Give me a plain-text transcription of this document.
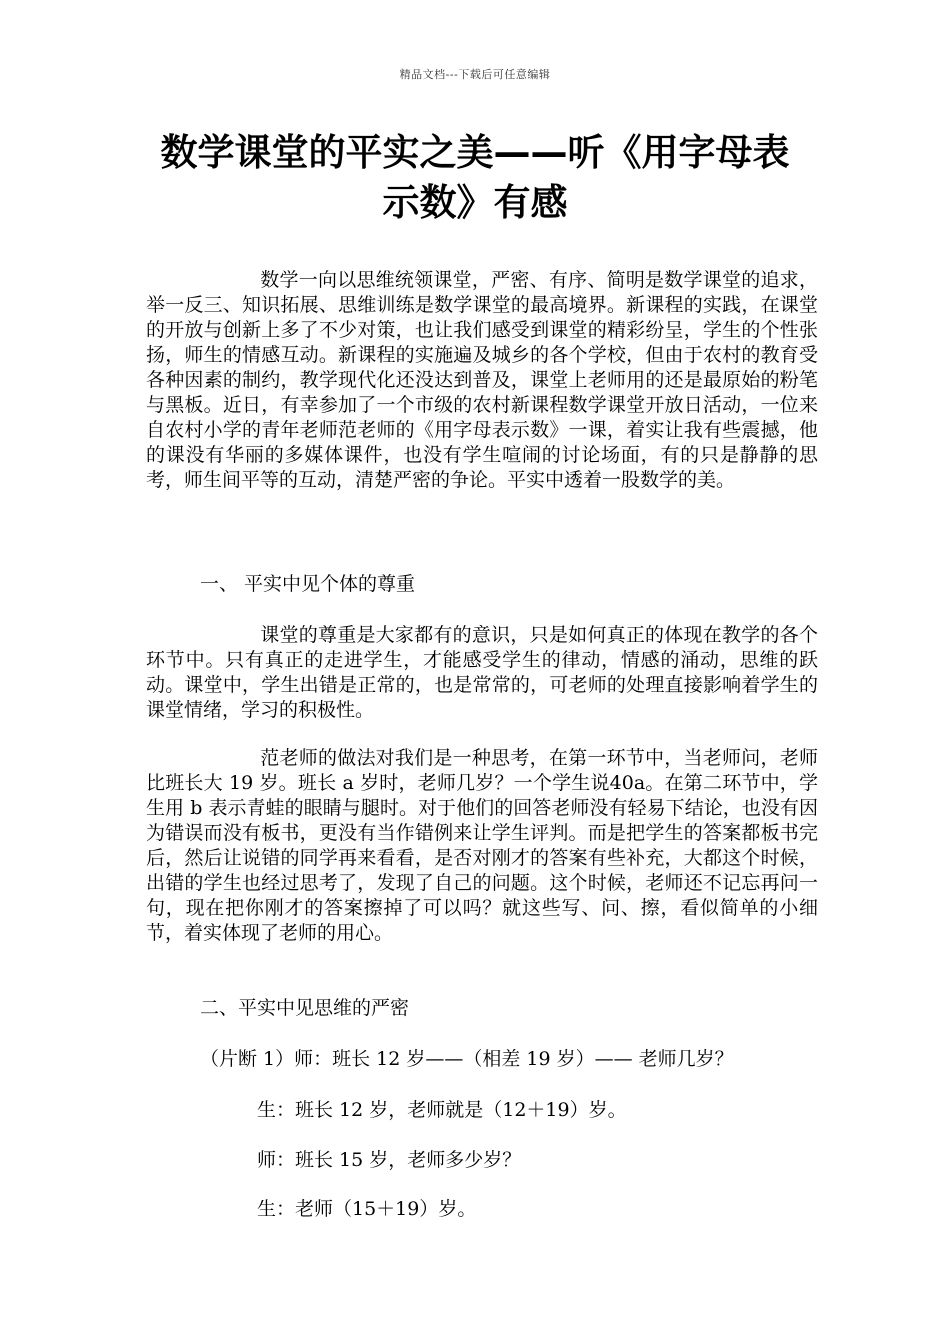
精品文档---下载后可任意编辑
数学课堂的平实之美——听《用字母表
示数》有感
数学一向以思维统领课堂，严密、有序、简明是数学课堂的追求，举一反三、知识拓展、思维训练是数学课堂的最高境界。新课程的实践，在课堂的开放与创新上多了不少对策，也让我们感受到课堂的精彩纷呈，学生的个性张扬，师生的情感互动。新课程的实施遍及城乡的各个学校，但由于农村的教育受各种因素的制约，教学现代化还没达到普及，课堂上老师用的还是最原始的粉笔与黑板。近日，有幸参加了一个市级的农村新课程数学课堂开放日活动，一位来自农村小学的青年老师范老师的《用字母表示数》一课，着实让我有些震撼，他的课没有华丽的多媒体课件，也没有学生喧闹的讨论场面，有的只是静静的思考，师生间平等的互动，清楚严密的争论。平实中透着一股数学的美。
一、 平实中见个体的尊重
课堂的尊重是大家都有的意识，只是如何真正的体现在教学的各个环节中。只有真正的走进学生，才能感受学生的律动，情感的涌动，思维的跃动。课堂中，学生出错是正常的，也是常常的，可老师的处理直接影响着学生的课堂情绪，学习的积极性。
范老师的做法对我们是一种思考，在第一环节中，当老师问，老师比班长大 19 岁。班长 a 岁时，老师几岁？一个学生说40a。在第二环节中，学生用 b 表示青蛙的眼睛与腿时。对于他们的回答老师没有轻易下结论，也没有因为错误而没有板书，更没有当作错例来让学生评判。而是把学生的答案都板书完后，然后让说错的同学再来看看，是否对刚才的答案有些补充，大都这个时候，出错的学生也经过思考了，发现了自己的问题。这个时候，老师还不记忘再问一句，现在把你刚才的答案擦掉了可以吗？就这些写、问、擦，看似简单的小细节，着实体现了老师的用心。
二、平实中见思维的严密
（片断 1）师：班长 12 岁——（相差 19 岁）—— 老师几岁？
生：班长 12 岁，老师就是（12＋19）岁。
师：班长 15 岁，老师多少岁？
生：老师（15＋19）岁。
